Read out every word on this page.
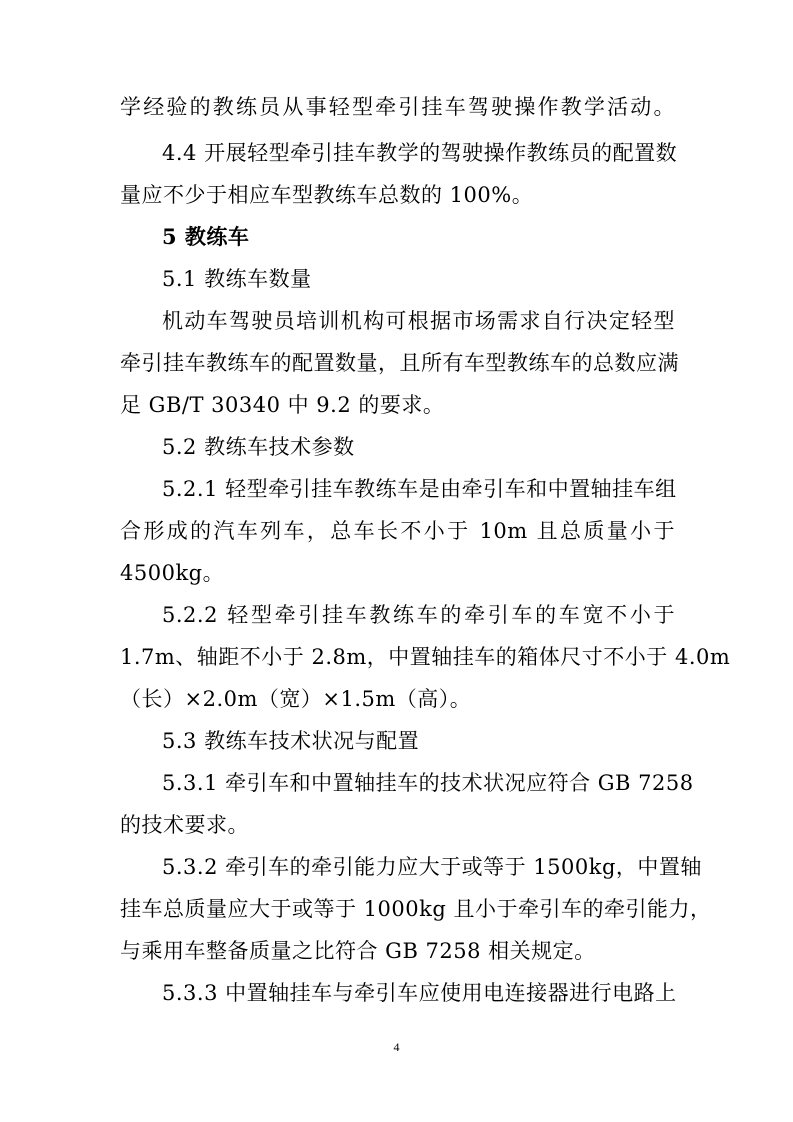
学经验的教练员从事轻型牵引挂车驾驶操作教学活动。
4.4 开展轻型牵引挂车教学的驾驶操作教练员的配置数
量应不少于相应车型教练车总数的 100%。
5 教练车
5.1 教练车数量
机动车驾驶员培训机构可根据市场需求自行决定轻型
牵引挂车教练车的配置数量，且所有车型教练车的总数应满
足 GB/T 30340 中 9.2 的要求。
5.2 教练车技术参数
5.2.1 轻型牵引挂车教练车是由牵引车和中置轴挂车组
合形成的汽车列车，总车长不小于 10m 且总质量小于
4500kg。
5.2.2 轻型牵引挂车教练车的牵引车的车宽不小于
1.7m、轴距不小于 2.8m，中置轴挂车的箱体尺寸不小于 4.0m
（长）×2.0m（宽）×1.5m（高）。
5.3 教练车技术状况与配置
5.3.1 牵引车和中置轴挂车的技术状况应符合 GB 7258
的技术要求。
5.3.2 牵引车的牵引能力应大于或等于 1500kg，中置轴
挂车总质量应大于或等于 1000kg 且小于牵引车的牵引能力，
与乘用车整备质量之比符合 GB 7258 相关规定。
5.3.3 中置轴挂车与牵引车应使用电连接器进行电路上
4
